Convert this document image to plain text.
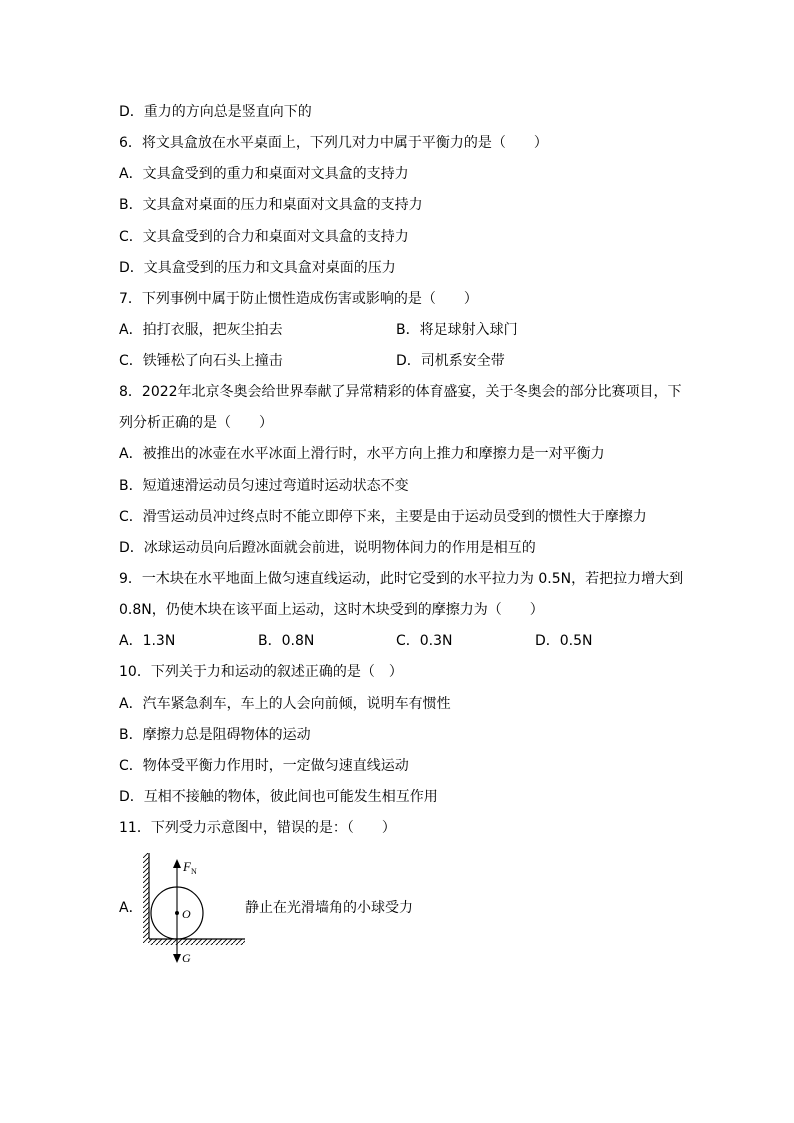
D．重力的方向总是竖直向下的
6．将文具盒放在水平桌面上，下列几对力中属于平衡力的是（　　）
A．文具盒受到的重力和桌面对文具盒的支持力
B．文具盒对桌面的压力和桌面对文具盒的支持力
C．文具盒受到的合力和桌面对文具盒的支持力
D．文具盒受到的压力和文具盒对桌面的压力
7．下列事例中属于防止惯性造成伤害或影响的是（　　）
A．拍打衣服，把灰尘拍去	B．将足球射入球门
C．铁锤松了向石头上撞击	D．司机系安全带
8．2022年北京冬奥会给世界奉献了异常精彩的体育盛宴，关于冬奥会的部分比赛项目，下
列分析正确的是（　　）
A．被推出的冰壶在水平冰面上滑行时，水平方向上推力和摩擦力是一对平衡力
B．短道速滑运动员匀速过弯道时运动状态不变
C．滑雪运动员冲过终点时不能立即停下来，主要是由于运动员受到的惯性大于摩擦力
D．冰球运动员向后蹬冰面就会前进，说明物体间力的作用是相互的
9．一木块在水平地面上做匀速直线运动，此时它受到的水平拉力为 0.5N，若把拉力增大到
0.8N，仍使木块在该平面上运动，这时木块受到的摩擦力为（　　）
A．1.3N	B．0.8N	C．0.3N	D．0.5N
10．下列关于力和运动的叙述正确的是（　）
A．汽车紧急刹车，车上的人会向前倾，说明车有惯性
B．摩擦力总是阻碍物体的运动
C．物体受平衡力作用时，一定做匀速直线运动
D．互相不接触的物体，彼此间也可能发生相互作用
11．下列受力示意图中，错误的是：（　　）
A．
$F_N$
O
G
静止在光滑墙角的小球受力
